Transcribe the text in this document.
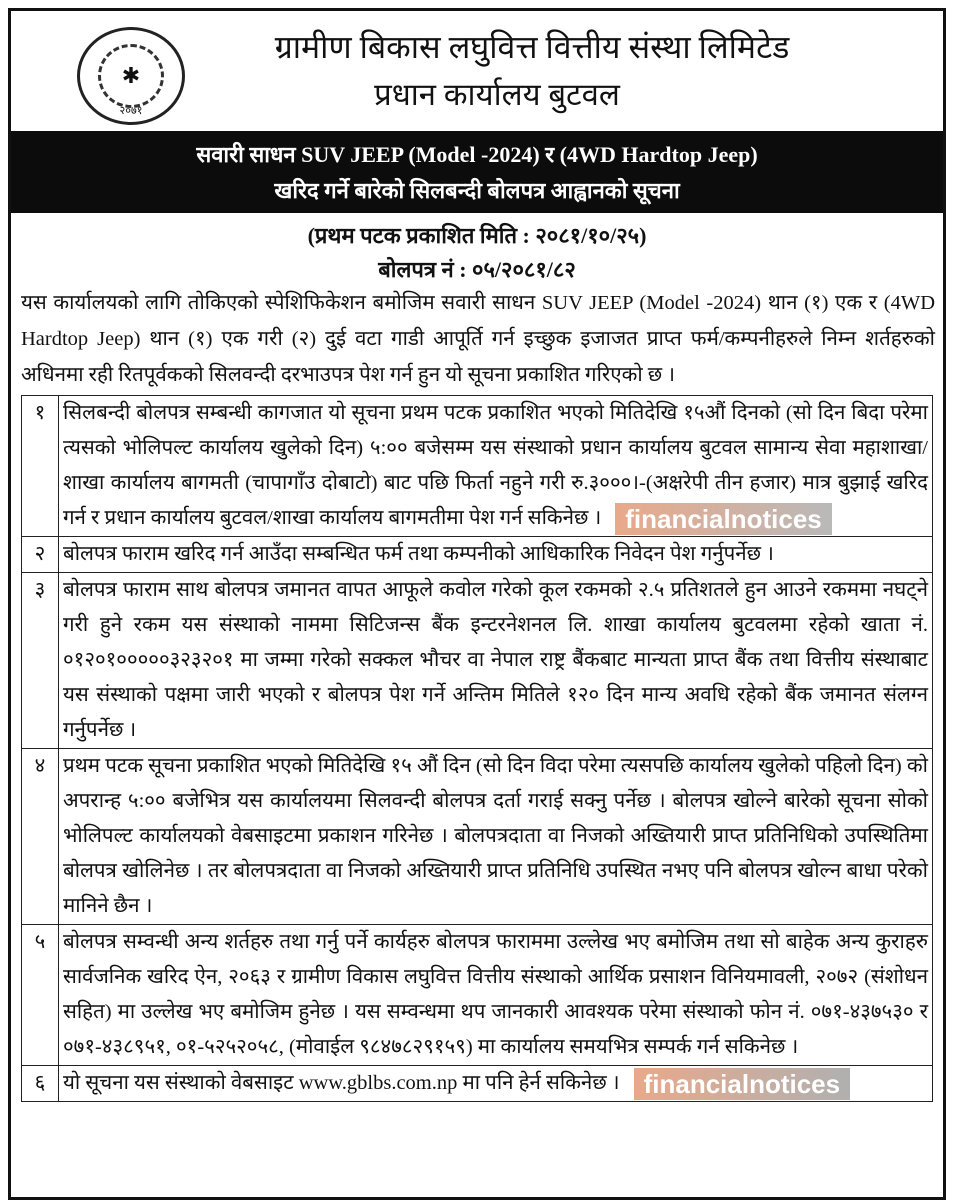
✱
२०७१
ग्रामीण बिकास लघुवित्त वित्तीय संस्था लिमिटेड
प्रधान कार्यालय बुटवल
सवारी साधन SUV JEEP (Model -2024) र (4WD Hardtop Jeep)
खरिद गर्ने बारेको सिलबन्दी बोलपत्र आह्वानको सूचना
(प्रथम पटक प्रकाशित मिति : २०८१/१०/२५)
बोलपत्र नं : ०५/२०८१/८२
यस कार्यालयको लागि तोकिएको स्पेशिफिकेशन बमोजिम सवारी साधन SUV JEEP (Model -2024) थान (१) एक र (4WD Hardtop Jeep) थान (१) एक गरी (२) दुई वटा गाडी आपूर्ति गर्न इच्छुक इजाजत प्राप्त फर्म/कम्पनीहरुले निम्न शर्तहरुको अधिनमा रही रितपूर्वकको सिलवन्दी दरभाउपत्र पेश गर्न हुन यो सूचना प्रकाशित गरिएको छ ।
१	सिलबन्दी बोलपत्र सम्बन्धी कागजात यो सूचना प्रथम पटक प्रकाशित भएको मितिदेखि १५औं दिनको (सो दिन बिदा परेमा त्यसको भोलिपल्ट कार्यालय खुलेको दिन) ५:०० बजेसम्म यस संस्थाको प्रधान कार्यालय बुटवल सामान्य सेवा महाशाखा/शाखा कार्यालय बागमती (चापागाँउ दोबाटो) बाट पछि फिर्ता नहुने गरी रु.३०००।-(अक्षरेपी तीन हजार) मात्र बुझाई खरिद गर्न र प्रधान कार्यालय बुटवल/शाखा कार्यालय बागमतीमा पेश गर्न सकिनेछ । financialnotices
२	बोलपत्र फाराम खरिद गर्न आउँदा सम्बन्धित फर्म तथा कम्पनीको आधिकारिक निवेदन पेश गर्नुपर्नेछ ।
३	बोलपत्र फाराम साथ बोलपत्र जमानत वापत आफूले कवोल गरेको कूल रकमको २.५ प्रतिशतले हुन आउने रकममा नघट्ने गरी हुने रकम यस संस्थाको नाममा सिटिजन्स बैंक इन्टरनेशनल लि. शाखा कार्यालय बुटवलमा रहेको खाता नं. ०१२०१०००००३२३२०१ मा जम्मा गरेको सक्कल भौचर वा नेपाल राष्ट्र बैंकबाट मान्यता प्राप्त बैंक तथा वित्तीय संस्थाबाट यस संस्थाको पक्षमा जारी भएको र बोलपत्र पेश गर्ने अन्तिम मितिले १२० दिन मान्य अवधि रहेको बैंक जमानत संलग्न गर्नुपर्नेछ ।
४	प्रथम पटक सूचना प्रकाशित भएको मितिदेखि १५ औं दिन (सो दिन विदा परेमा त्यसपछि कार्यालय खुलेको पहिलो दिन) को अपरान्ह ५:०० बजेभित्र यस कार्यालयमा सिलवन्दी बोलपत्र दर्ता गराई सक्नु पर्नेछ । बोलपत्र खोल्ने बारेको सूचना सोको भोलिपल्ट कार्यालयको वेबसाइटमा प्रकाशन गरिनेछ । बोलपत्रदाता वा निजको अख्तियारी प्राप्त प्रतिनिधिको उपस्थितिमा बोलपत्र खोलिनेछ । तर बोलपत्रदाता वा निजको अख्तियारी प्राप्त प्रतिनिधि उपस्थित नभए पनि बोलपत्र खोल्न बाधा परेको मानिने छैन ।
५	बोलपत्र सम्वन्धी अन्य शर्तहरु तथा गर्नु पर्ने कार्यहरु बोलपत्र फाराममा उल्लेख भए बमोजिम तथा सो बाहेक अन्य कुराहरु सार्वजनिक खरिद ऐन, २०६३ र ग्रामीण विकास लघुवित्त वित्तीय संस्थाको आर्थिक प्रसाशन विनियमावली, २०७२ (संशोधन सहित) मा उल्लेख भए बमोजिम हुनेछ । यस सम्वन्धमा थप जानकारी आवश्यक परेमा संस्थाको फोन नं. ०७१-४३७५३० र ०७१-४३८९५१, ०१-५२५२०५८, (मोवाईल ९८४७८२९१५९) मा कार्यालय समयभित्र सम्पर्क गर्न सकिनेछ ।
६	यो सूचना यस संस्थाको वेबसाइट www.gblbs.com.np मा पनि हेर्न सकिनेछ । financialnotices
